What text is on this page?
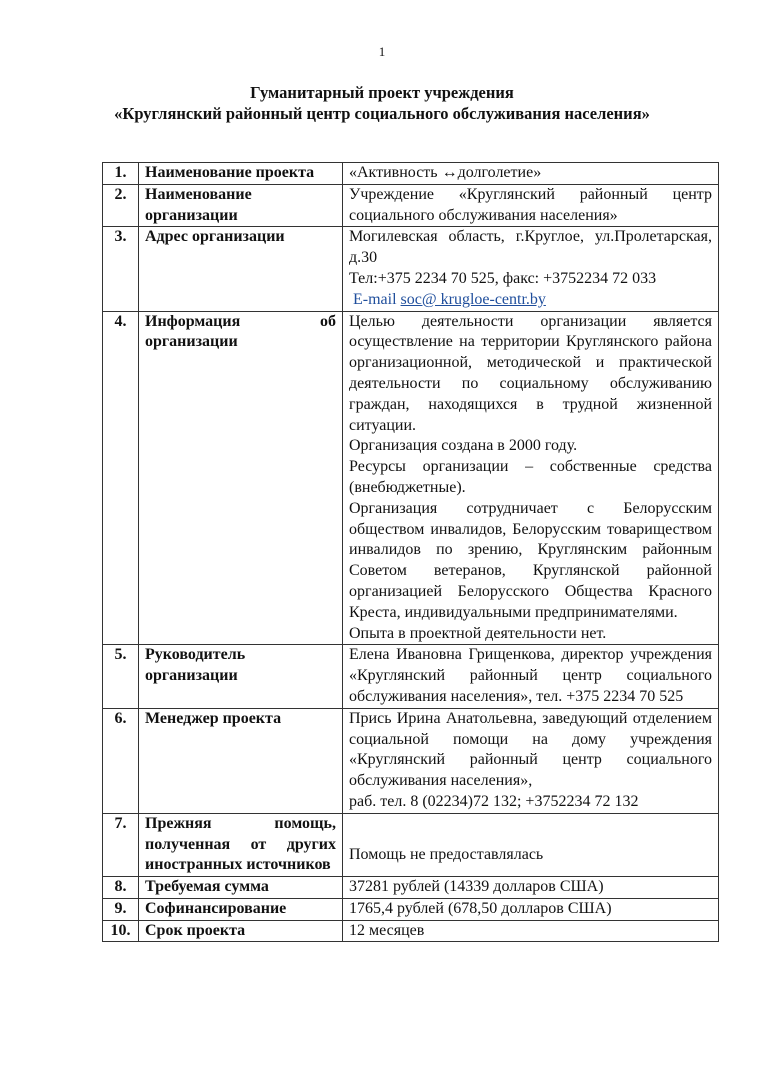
1
Гуманитарный проект учреждения
«Круглянский районный центр социального обслуживания населения»
1.	Наименование проекта	«Активность ↔долголетие»
2.	Наименование организации	Учреждение «Круглянский районный центр социального обслуживания населения»
3.	Адрес организации	Могилевская область, г.Круглое, ул.Пролетарская, д.30

Тел:+375 2234 70 525, факс: +3752234 72 033

E-mail soc@ krugloe-centr.by

4.	Информация об организации	Целью деятельности организации является осуществление на территории Круглянского района организационной, методической и практической деятельности по социальному обслуживанию граждан, находящихся в трудной жизненной ситуации.

Организация создана в 2000 году.

Ресурсы организации – собственные средства (внебюджетные).

Организация сотрудничает с Белорусским обществом инвалидов, Белорусским товариществом инвалидов по зрению, Круглянским районным Советом ветеранов, Круглянской районной организацией Белорусского Общества Красного Креста, индивидуальными предпринимателями.

Опыта в проектной деятельности нет.

5.	Руководитель организации	Елена Ивановна Грищенкова, директор учреждения «Круглянский районный центр социального обслуживания населения», тел. +375 2234 70 525
6.	Менеджер проекта	Прись Ирина Анатольевна, заведующий отделением социальной помощи на дому учреждения «Круглянский районный центр социального обслуживания населения»,

раб. тел. 8 (02234)72 132; +3752234 72 132

7.	Прежняя помощь, полученная от других иностранных источников	Помощь не предоставлялась
8.	Требуемая сумма	37281 рублей (14339 долларов США)
9.	Софинансирование	1765,4 рублей (678,50 долларов США)
10.	Срок проекта	12 месяцев
